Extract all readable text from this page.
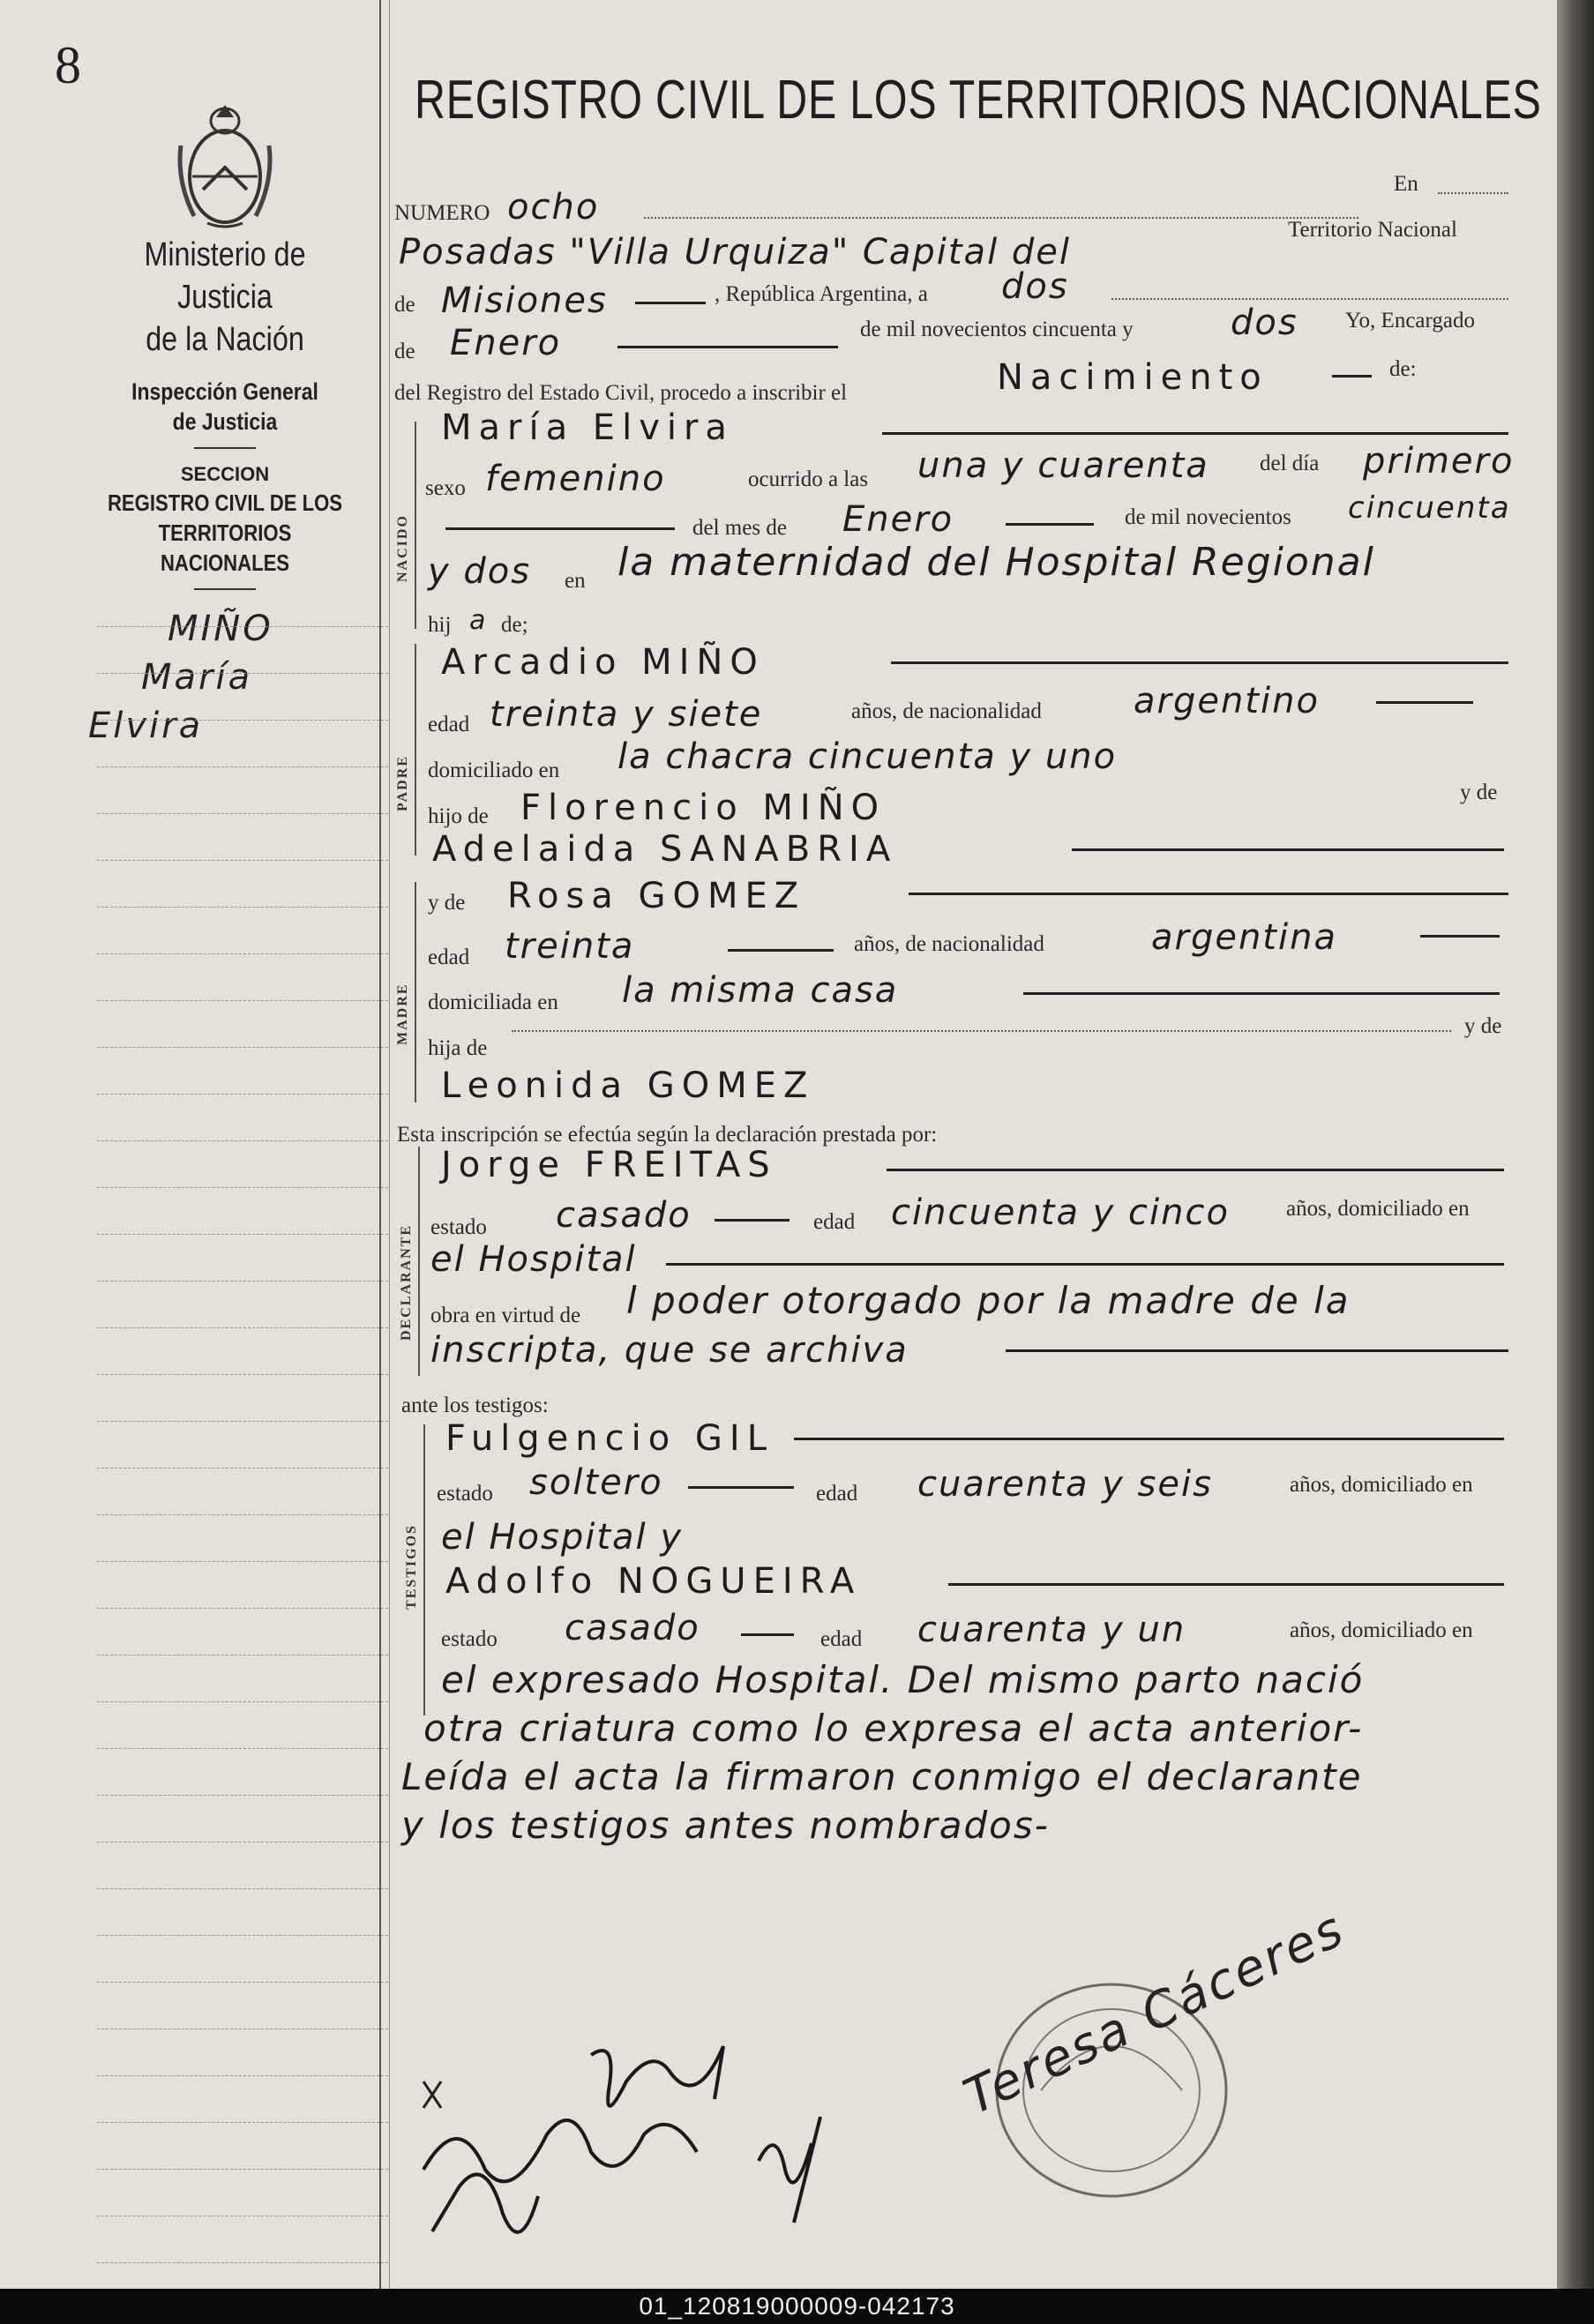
8
Ministerio de Justicia
de la Nación
Inspección General
de Justicia
SECCION
REGISTRO CIVIL DE LOS
TERRITORIOS NACIONALES
MIÑO
María
Elvira
REGISTRO CIVIL DE LOS TERRITORIOS NACIONALES
NUMERO ocho
En
Posadas "Villa Urquiza" Capital del
Territorio Nacional
de Misiones	, República Argentina, a dos
de Enero	de mil novecientos cincuenta y	dos Yo, Encargado
del Registro del Estado Civil, procedo a inscribir el	Nacimiento	de:
NACIDO
María Elvira
sexo femenino	ocurrido a las una y cuarenta del día primero
del mes de Enero	de mil novecientos cincuenta
y dos en la maternidad del Hospital Regional
hij a de;
PADRE
Arcadio MIÑO
edad treinta y siete	años, de nacionalidad	argentino
domiciliado en la chacra cincuenta y uno
hijo de Florencio MIÑO	y de
Adelaida SANABRIA
MADRE
y de Rosa GOMEZ
edad treinta	años, de nacionalidad	argentina
domiciliada en la misma casa
hija de
y de
Leonida GOMEZ
Esta inscripción se efectúa según la declaración prestada por:
DECLARANTE
Jorge FREITAS
estado casado	edad cincuenta y cinco	años, domiciliado en
el Hospital
obra en virtud de l poder otorgado por la madre de la
inscripta, que se archiva
ante los testigos:
TESTIGOS
Fulgencio GIL
estado soltero	edad cuarenta y seis	años, domiciliado en
el Hospital y
Adolfo NOGUEIRA
estado casado	edad cuarenta y un	años, domiciliado en
el expresado Hospital. Del mismo parto nació
otra criatura como lo expresa el acta anterior-
Leída el acta la firmaron conmigo el declarante
y los testigos antes nombrados-
Teresa Cáceres
01_120819000009-042173
